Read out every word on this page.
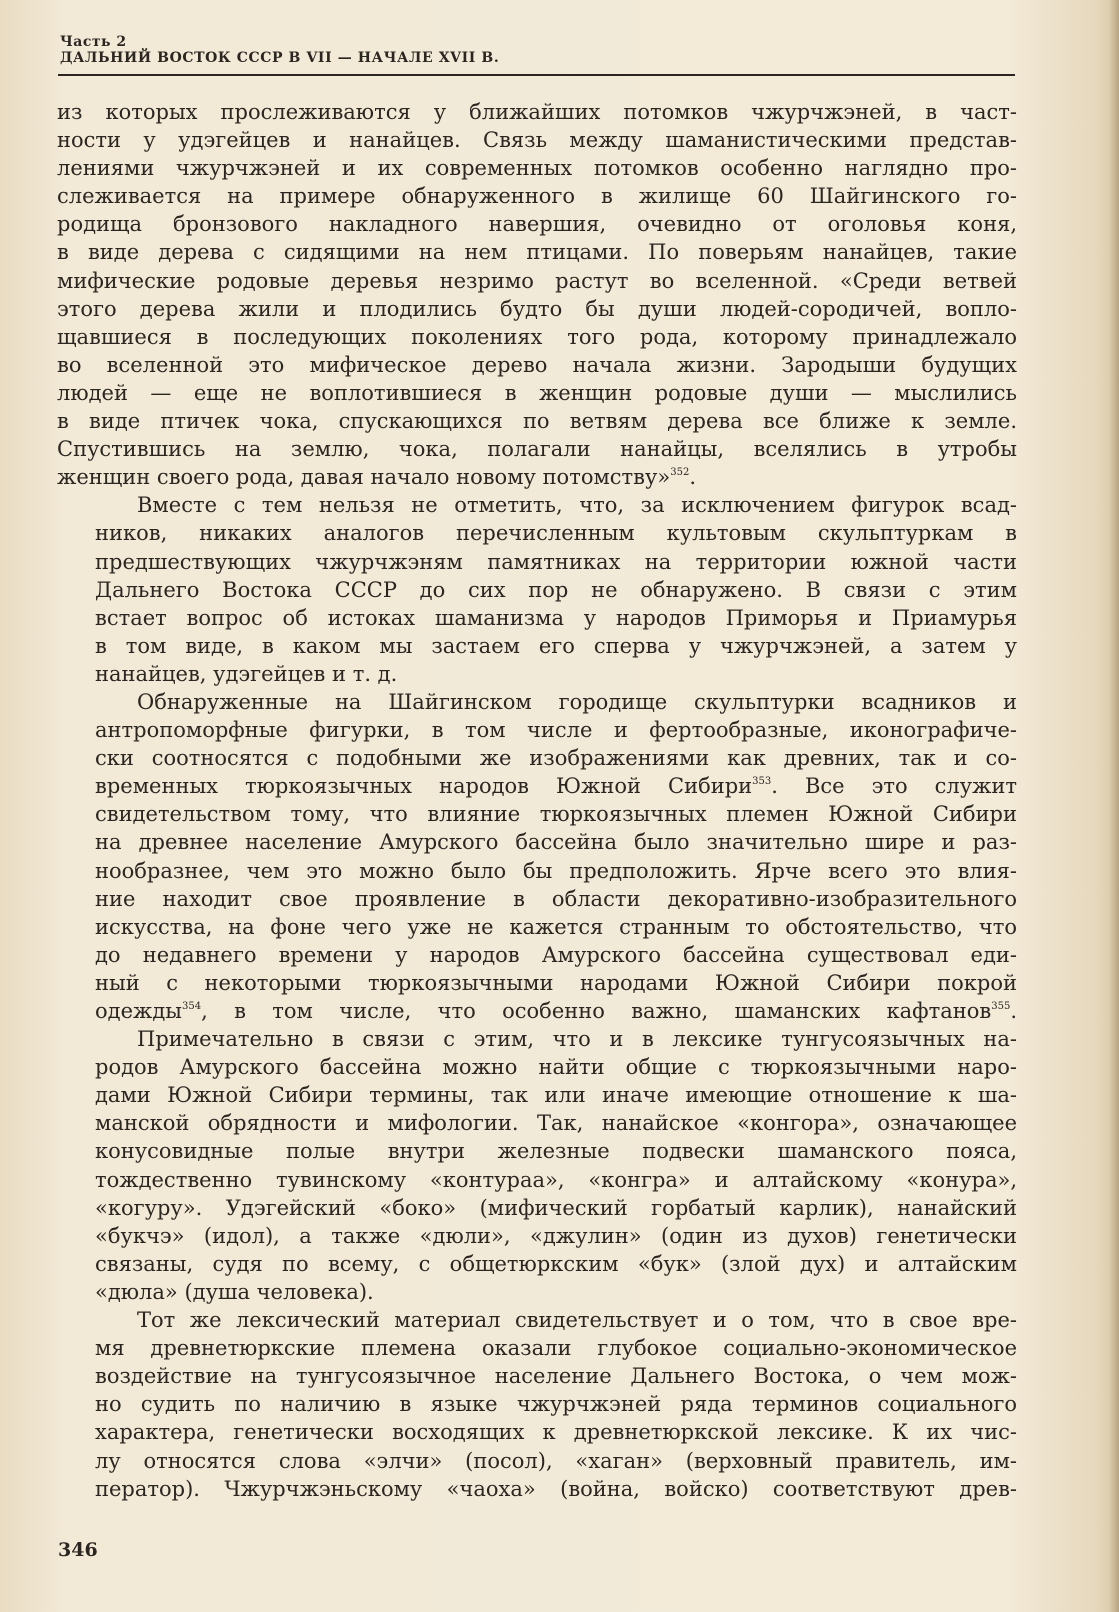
Часть 2
ДАЛЬНИЙ ВОСТОК СССР В VII — НАЧАЛЕ XVII В.
из которых прослеживаются у ближайших потомков чжурчжэней, в част-
ности у удэгейцев и нанайцев. Связь между шаманистическими представ-
лениями чжурчжэней и их современных потомков особенно наглядно про-
слеживается на примере обнаруженного в жилище 60 Шайгинского го-
родища бронзового накладного навершия, очевидно от оголовья коня,
в виде дерева с сидящими на нем птицами. По поверьям нанайцев, такие
мифические родовые деревья незримо растут во вселенной. «Среди ветвей
этого дерева жили и плодились будто бы души людей-сородичей, вопло-
щавшиеся в последующих поколениях того рода, которому принадлежало
во вселенной это мифическое дерево начала жизни. Зародыши будущих
людей — еще не воплотившиеся в женщин родовые души — мыслились
в виде птичек чока, спускающихся по ветвям дерева все ближе к земле.
Спустившись на землю, чока, полагали нанайцы, вселялись в утробы
женщин своего рода, давая начало новому потомству»$^{352}$.
Вместе с тем нельзя не отметить, что, за исключением фигурок всад-
ников, никаких аналогов перечисленным культовым скульптуркам в
предшествующих чжурчжэням памятниках на территории южной части
Дальнего Востока СССР до сих пор не обнаружено. В связи с этим
встает вопрос об истоках шаманизма у народов Приморья и Приамурья
в том виде, в каком мы застаем его сперва у чжурчжэней, а затем у
нанайцев, удэгейцев и т. д.
Обнаруженные на Шайгинском городище скульптурки всадников и
антропоморфные фигурки, в том числе и фертообразные, иконографиче-
ски соотносятся с подобными же изображениями как древних, так и со-
временных тюркоязычных народов Южной Сибири$^{353}$. Все это служит
свидетельством тому, что влияние тюркоязычных племен Южной Сибири
на древнее население Амурского бассейна было значительно шире и раз-
нообразнее, чем это можно было бы предположить. Ярче всего это влия-
ние находит свое проявление в области декоративно-изобразительного
искусства, на фоне чего уже не кажется странным то обстоятельство, что
до недавнего времени у народов Амурского бассейна существовал еди-
ный с некоторыми тюркоязычными народами Южной Сибири покрой
одежды$^{354}$, в том числе, что особенно важно, шаманских кафтанов$^{355}$.
Примечательно в связи с этим, что и в лексике тунгусоязычных на-
родов Амурского бассейна можно найти общие с тюркоязычными наро-
дами Южной Сибири термины, так или иначе имеющие отношение к ша-
манской обрядности и мифологии. Так, нанайское «конгора», означающее
конусовидные полые внутри железные подвески шаманского пояса,
тождественно тувинскому «контураа», «конгра» и алтайскому «конура»,
«когуру». Удэгейский «боко» (мифический горбатый карлик), нанайский
«букчэ» (идол), а также «дюли», «джулин» (один из духов) генетически
связаны, судя по всему, с общетюркским «бук» (злой дух) и алтайским
«дюла» (душа человека).
Тот же лексический материал свидетельствует и о том, что в свое вре-
мя древнетюркские племена оказали глубокое социально-экономическое
воздействие на тунгусоязычное население Дальнего Востока, о чем мож-
но судить по наличию в языке чжурчжэней ряда терминов социального
характера, генетически восходящих к древнетюркской лексике. К их чис-
лу относятся слова «элчи» (посол), «хаган» (верховный правитель, им-
ператор). Чжурчжэньскому «чаоха» (война, войско) соответствуют древ-
346
